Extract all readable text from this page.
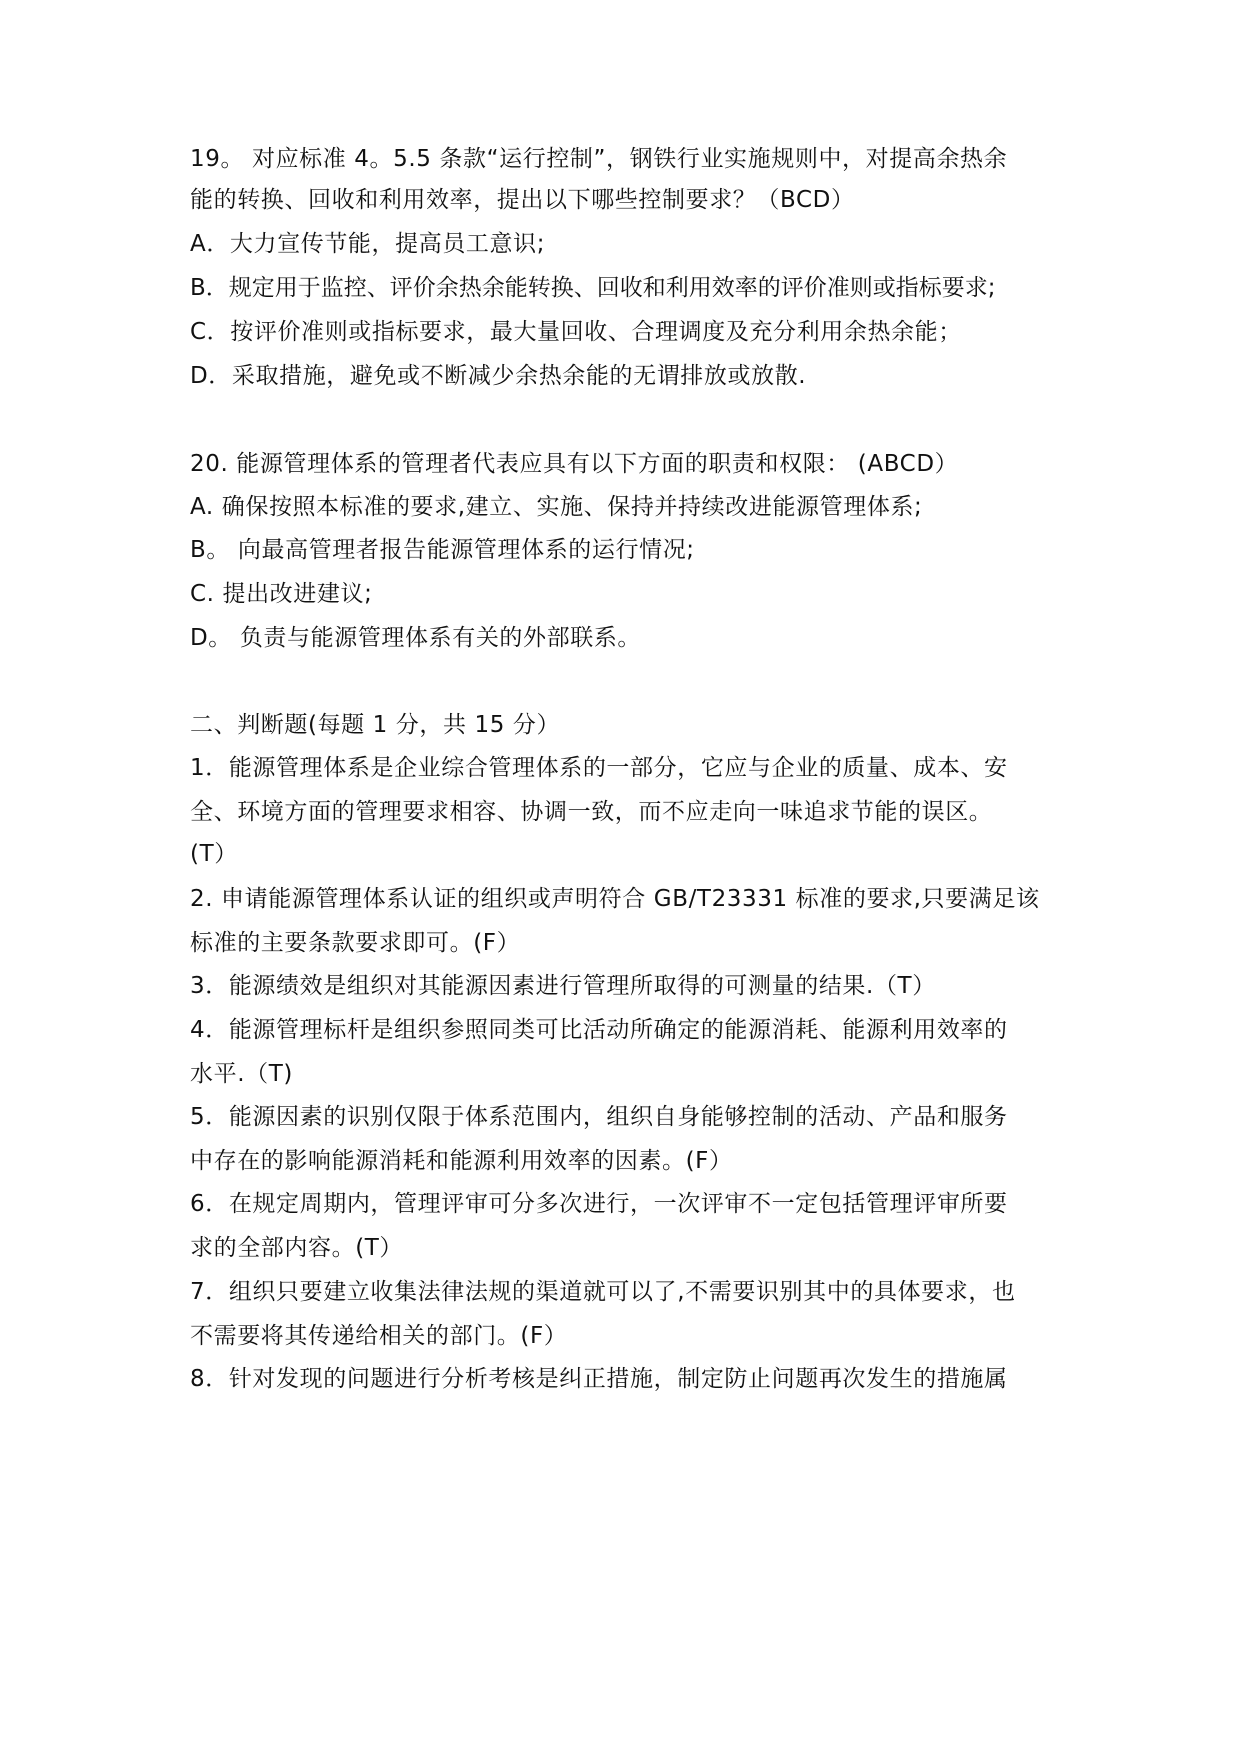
19。 对应标准 4。5.5 条款“运行控制”，钢铁行业实施规则中，对提高余热余
能的转换、回收和利用效率，提出以下哪些控制要求？（BCD）
A．大力宣传节能，提高员工意识;
B．规定用于监控、评价余热余能转换、回收和利用效率的评价准则或指标要求;
C．按评价准则或指标要求，最大量回收、合理调度及充分利用余热余能；
D．采取措施，避免或不断减少余热余能的无谓排放或放散.
20. 能源管理体系的管理者代表应具有以下方面的职责和权限： (ABCD）
A. 确保按照本标准的要求,建立、实施、保持并持续改进能源管理体系;
B。 向最高管理者报告能源管理体系的运行情况;
C. 提出改进建议;
D。 负责与能源管理体系有关的外部联系。
二、判断题(每题 1 分，共 15 分）
1．能源管理体系是企业综合管理体系的一部分，它应与企业的质量、成本、安
全、环境方面的管理要求相容、协调一致，而不应走向一味追求节能的误区。
(T）
2. 申请能源管理体系认证的组织或声明符合 GB/T23331 标准的要求,只要满足该
标准的主要条款要求即可。(F）
3．能源绩效是组织对其能源因素进行管理所取得的可测量的结果.（T）
4．能源管理标杆是组织参照同类可比活动所确定的能源消耗、能源利用效率的
水平.（T)
5．能源因素的识别仅限于体系范围内，组织自身能够控制的活动、产品和服务
中存在的影响能源消耗和能源利用效率的因素。(F）
6．在规定周期内，管理评审可分多次进行，一次评审不一定包括管理评审所要
求的全部内容。(T）
7．组织只要建立收集法律法规的渠道就可以了,不需要识别其中的具体要求，也
不需要将其传递给相关的部门。(F）
8．针对发现的问题进行分析考核是纠正措施，制定防止问题再次发生的措施属
